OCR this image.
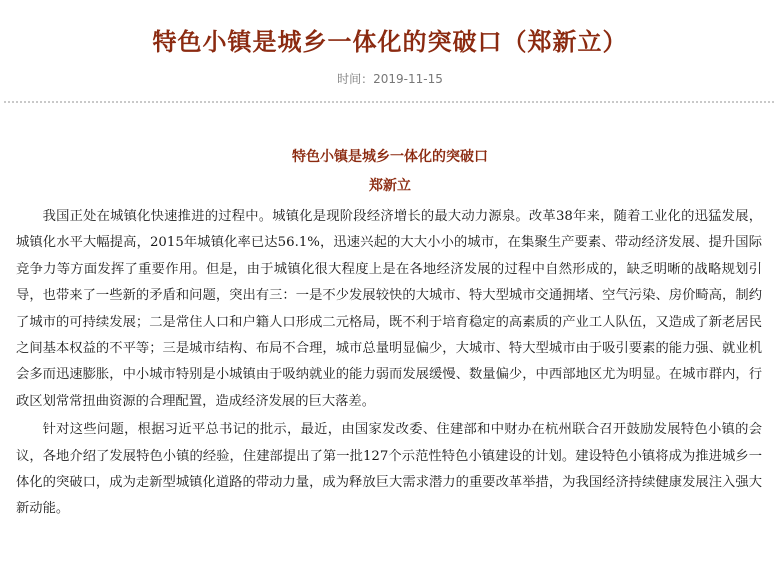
特色小镇是城乡一体化的突破口（郑新立）
时间：2019-11-15
特色小镇是城乡一体化的突破口
郑新立

我国正处在城镇化快速推进的过程中。城镇化是现阶段经济增长的最大动力源泉。改革38年来，随着工业化的迅猛发展，城镇化水平大幅提高，2015年城镇化率已达56.1%，迅速兴起的大大小小的城市，在集聚生产要素、带动经济发展、提升国际竞争力等方面发挥了重要作用。但是，由于城镇化很大程度上是在各地经济发展的过程中自然形成的，缺乏明晰的战略规划引导，也带来了一些新的矛盾和问题，突出有三：一是不少发展较快的大城市、特大型城市交通拥堵、空气污染、房价畸高，制约了城市的可持续发展；二是常住人口和户籍人口形成二元格局，既不利于培育稳定的高素质的产业工人队伍，又造成了新老居民之间基本权益的不平等；三是城市结构、布局不合理，城市总量明显偏少，大城市、特大型城市由于吸引要素的能力强、就业机会多而迅速膨胀，中小城市特别是小城镇由于吸纳就业的能力弱而发展缓慢、数量偏少，中西部地区尤为明显。在城市群内，行政区划常常扭曲资源的合理配置，造成经济发展的巨大落差。

针对这些问题，根据习近平总书记的批示，最近，由国家发改委、住建部和中财办在杭州联合召开鼓励发展特色小镇的会议，各地介绍了发展特色小镇的经验，住建部提出了第一批127个示范性特色小镇建设的计划。建设特色小镇将成为推进城乡一体化的突破口，成为走新型城镇化道路的带动力量，成为释放巨大需求潜力的重要改革举措，为我国经济持续健康发展注入强大新动能。
